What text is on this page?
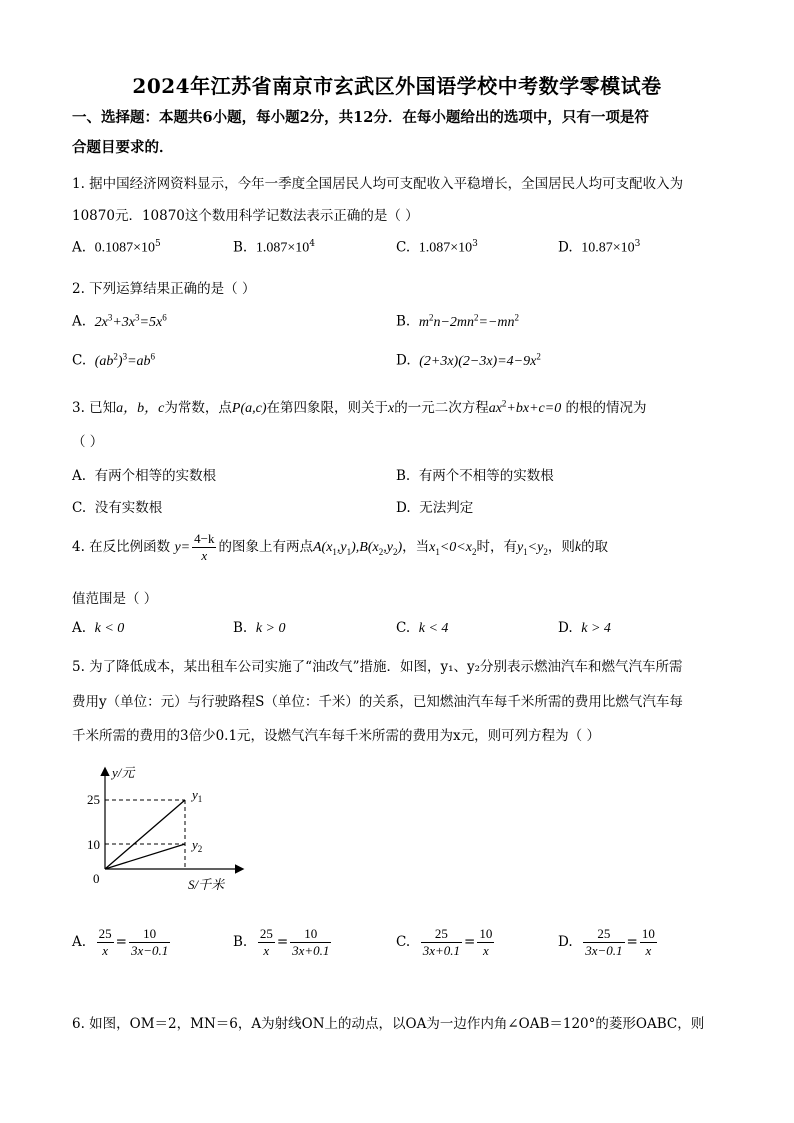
2024年江苏省南京市玄武区外国语学校中考数学零模试卷
一、选择题：本题共6小题，每小题2分，共12分．在每小题给出的选项中，只有一项是符
合题目要求的．
1. 据中国经济网资料显示，今年一季度全国居民人均可支配收入平稳增长，全国居民人均可支配收入为
10870元．10870这个数用科学记数法表示正确的是（ ）
A. $0.1087\times 10^5$	B. $1.087\times 10^4$	C. $1.087\times 10^3$	D. $10.87\times 10^3$
2. 下列运算结果正确的是（ ）
A. $2x^3+3x^3=5x^6$	B. $m^2n-2mn^2=-mn^2$
C. $(ab^2)^3=ab^6$	D. $(2+3x)(2-3x)=4-9x^2$
3. 已知a，b，c为常数，点P(a,c)在第四象限，则关于x的一元二次方程$ax^2+bx+c=0$ 的根的情况为
（ ）
A. 有两个相等的实数根	B. 有两个不相等的实数根
C. 没有实数根	D. 无法判定
4. 在反比例函数 $y= \frac{4-k}{x}$ 的图象上有两点$A(x_1,y_1),B(x_2,y_2)$，当$x_1<0<x_2$时，有$y_1<y_2$，则k的取
值范围是（ ）
A. k < 0	B. k > 0	C. k < 4	D. k > 4
5. 为了降低成本，某出租车公司实施了“油改气”措施．如图，y₁、y₂分别表示燃油汽车和燃气汽车所需
费用y（单位：元）与行驶路程S（单位：千米）的关系，已知燃油汽车每千米所需的费用比燃气汽车每
千米所需的费用的3倍少0.1元，设燃气汽车每千米所需的费用为x元，则可列方程为（ ）
y/元
25
10
0	S/千米
$y_1$
$y_2$
A. $\frac{25}{x} = \frac{10}{3x-0.1}$	B. $\frac{25}{x} = \frac{10}{3x+0.1}$	C. $\frac{25}{3x+0.1} = \frac{10}{x}$	D. $\frac{25}{3x-0.1} = \frac{10}{x}$
6. 如图，OM＝2，MN＝6，A为射线ON上的动点，以OA为一边作内角∠OAB＝120°的菱形OABC，则
